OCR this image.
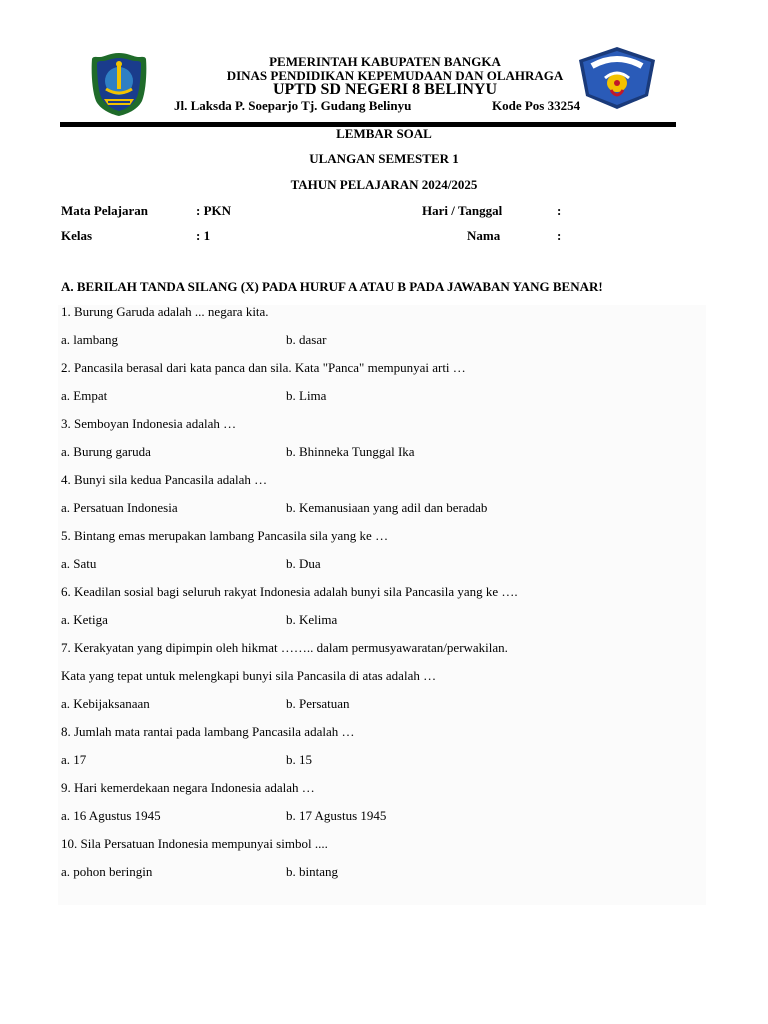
PEMERINTAH KABUPATEN BANGKA
DINAS PENDIDIKAN KEPEMUDAAN DAN OLAHRAGA
UPTD SD NEGERI 8 BELINYU
Jl. Laksda P. Soeparjo Tj. Gudang Belinyu	Kode Pos 33254
LEMBAR SOAL
ULANGAN SEMESTER 1
TAHUN PELAJARAN 2024/2025
Mata Pelajaran	: PKN	Hari / Tanggal	:
Kelas	: 1	Nama	:
A. BERILAH TANDA SILANG (X) PADA HURUF A ATAU B PADA JAWABAN YANG BENAR!
1. Burung Garuda adalah ... negara kita.
a. lambang	b. dasar
2. Pancasila berasal dari kata panca dan sila. Kata "Panca" mempunyai arti …
a. Empat	b. Lima
3. Semboyan Indonesia adalah …
a. Burung garuda	b. Bhinneka Tunggal Ika
4. Bunyi sila kedua Pancasila adalah …
a. Persatuan Indonesia	b. Kemanusiaan yang adil dan beradab
5. Bintang emas merupakan lambang Pancasila sila yang ke …
a. Satu	b. Dua
6. Keadilan sosial bagi seluruh rakyat Indonesia adalah bunyi sila Pancasila yang ke ….
a. Ketiga	b. Kelima
7. Kerakyatan yang dipimpin oleh hikmat …….. dalam permusyawaratan/perwakilan.
Kata yang tepat untuk melengkapi bunyi sila Pancasila di atas adalah …
a. Kebijaksanaan	b. Persatuan
8. Jumlah mata rantai pada lambang Pancasila adalah …
a. 17	b. 15
9. Hari kemerdekaan negara Indonesia adalah …
a. 16 Agustus 1945	b. 17 Agustus 1945
10. Sila Persatuan Indonesia mempunyai simbol ....
a. pohon beringin	b. bintang
